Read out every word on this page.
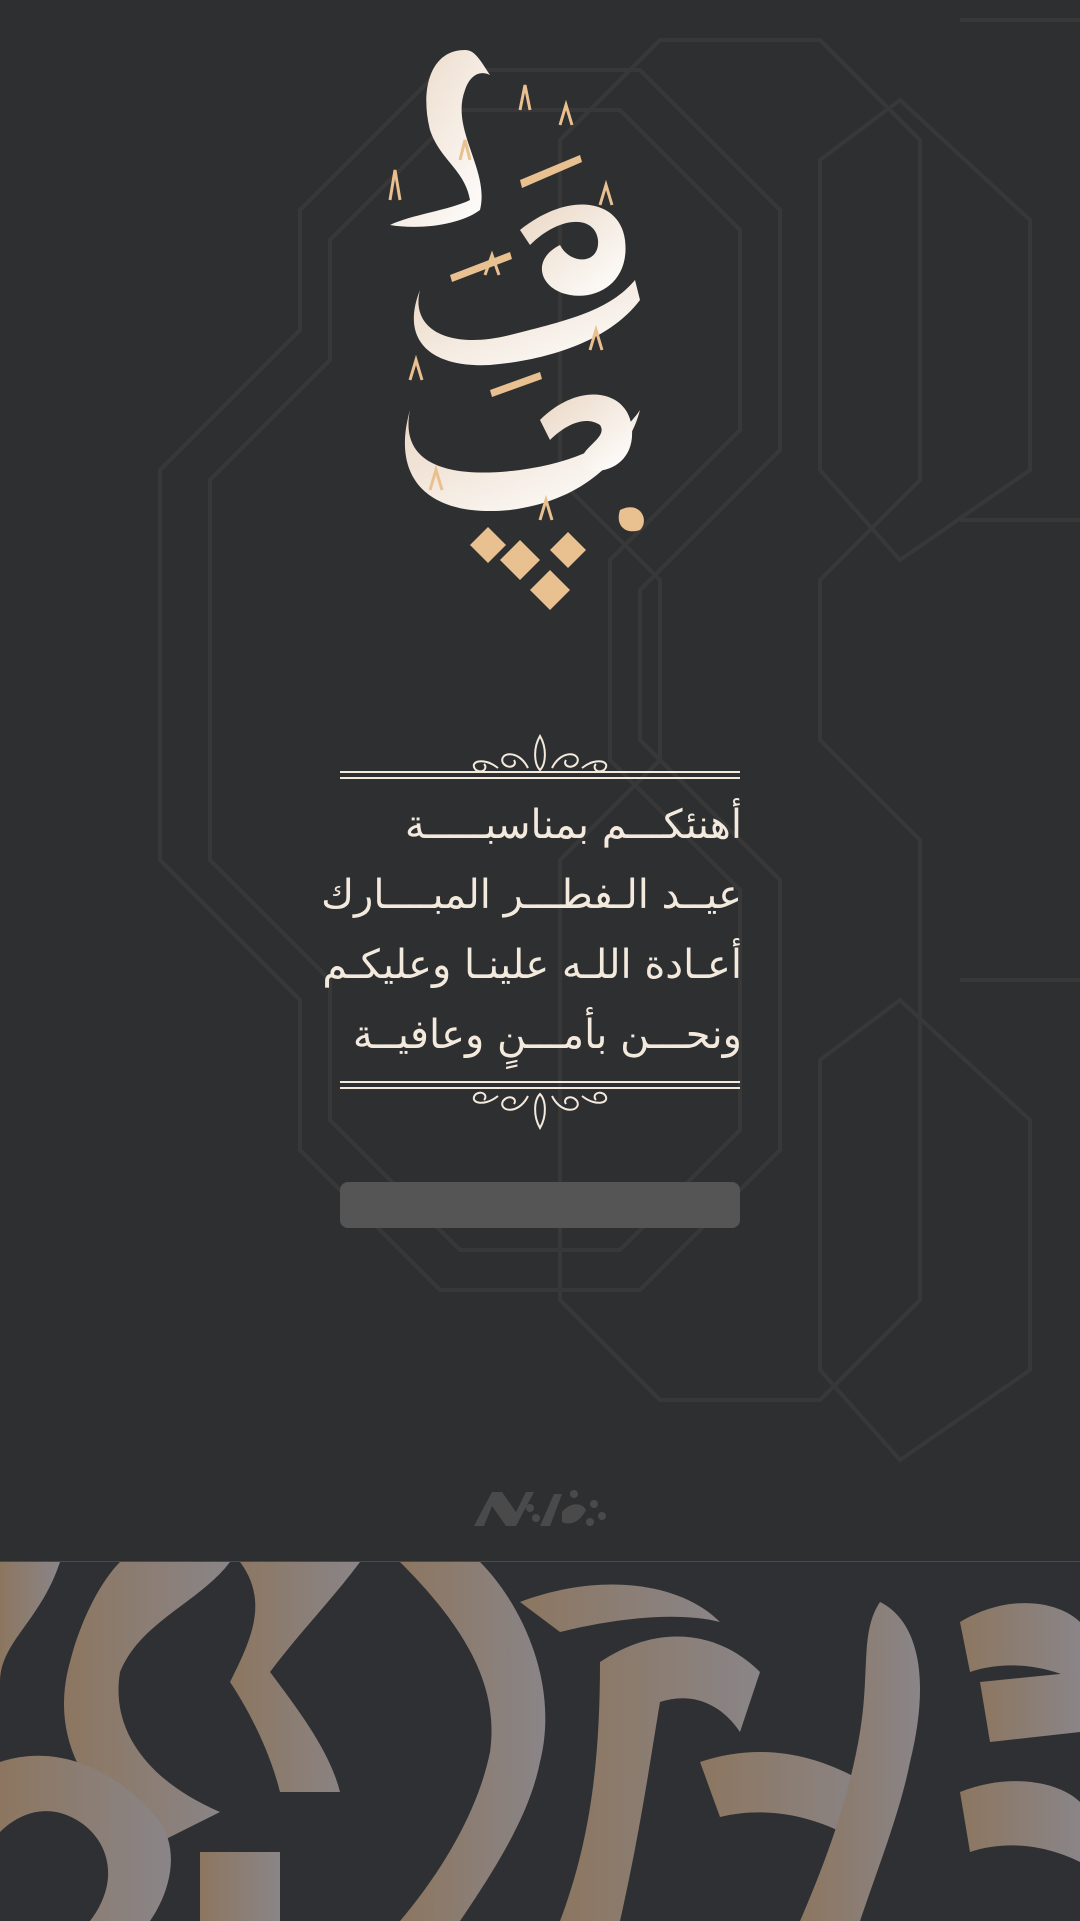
أهنئكـــم بمناسبـــــة
عيــد الـفطـــر المبــــارك
أعـادة اللـه علينـا وعليكـم
ونحـــن بأمـــنٍ وعافيــة
